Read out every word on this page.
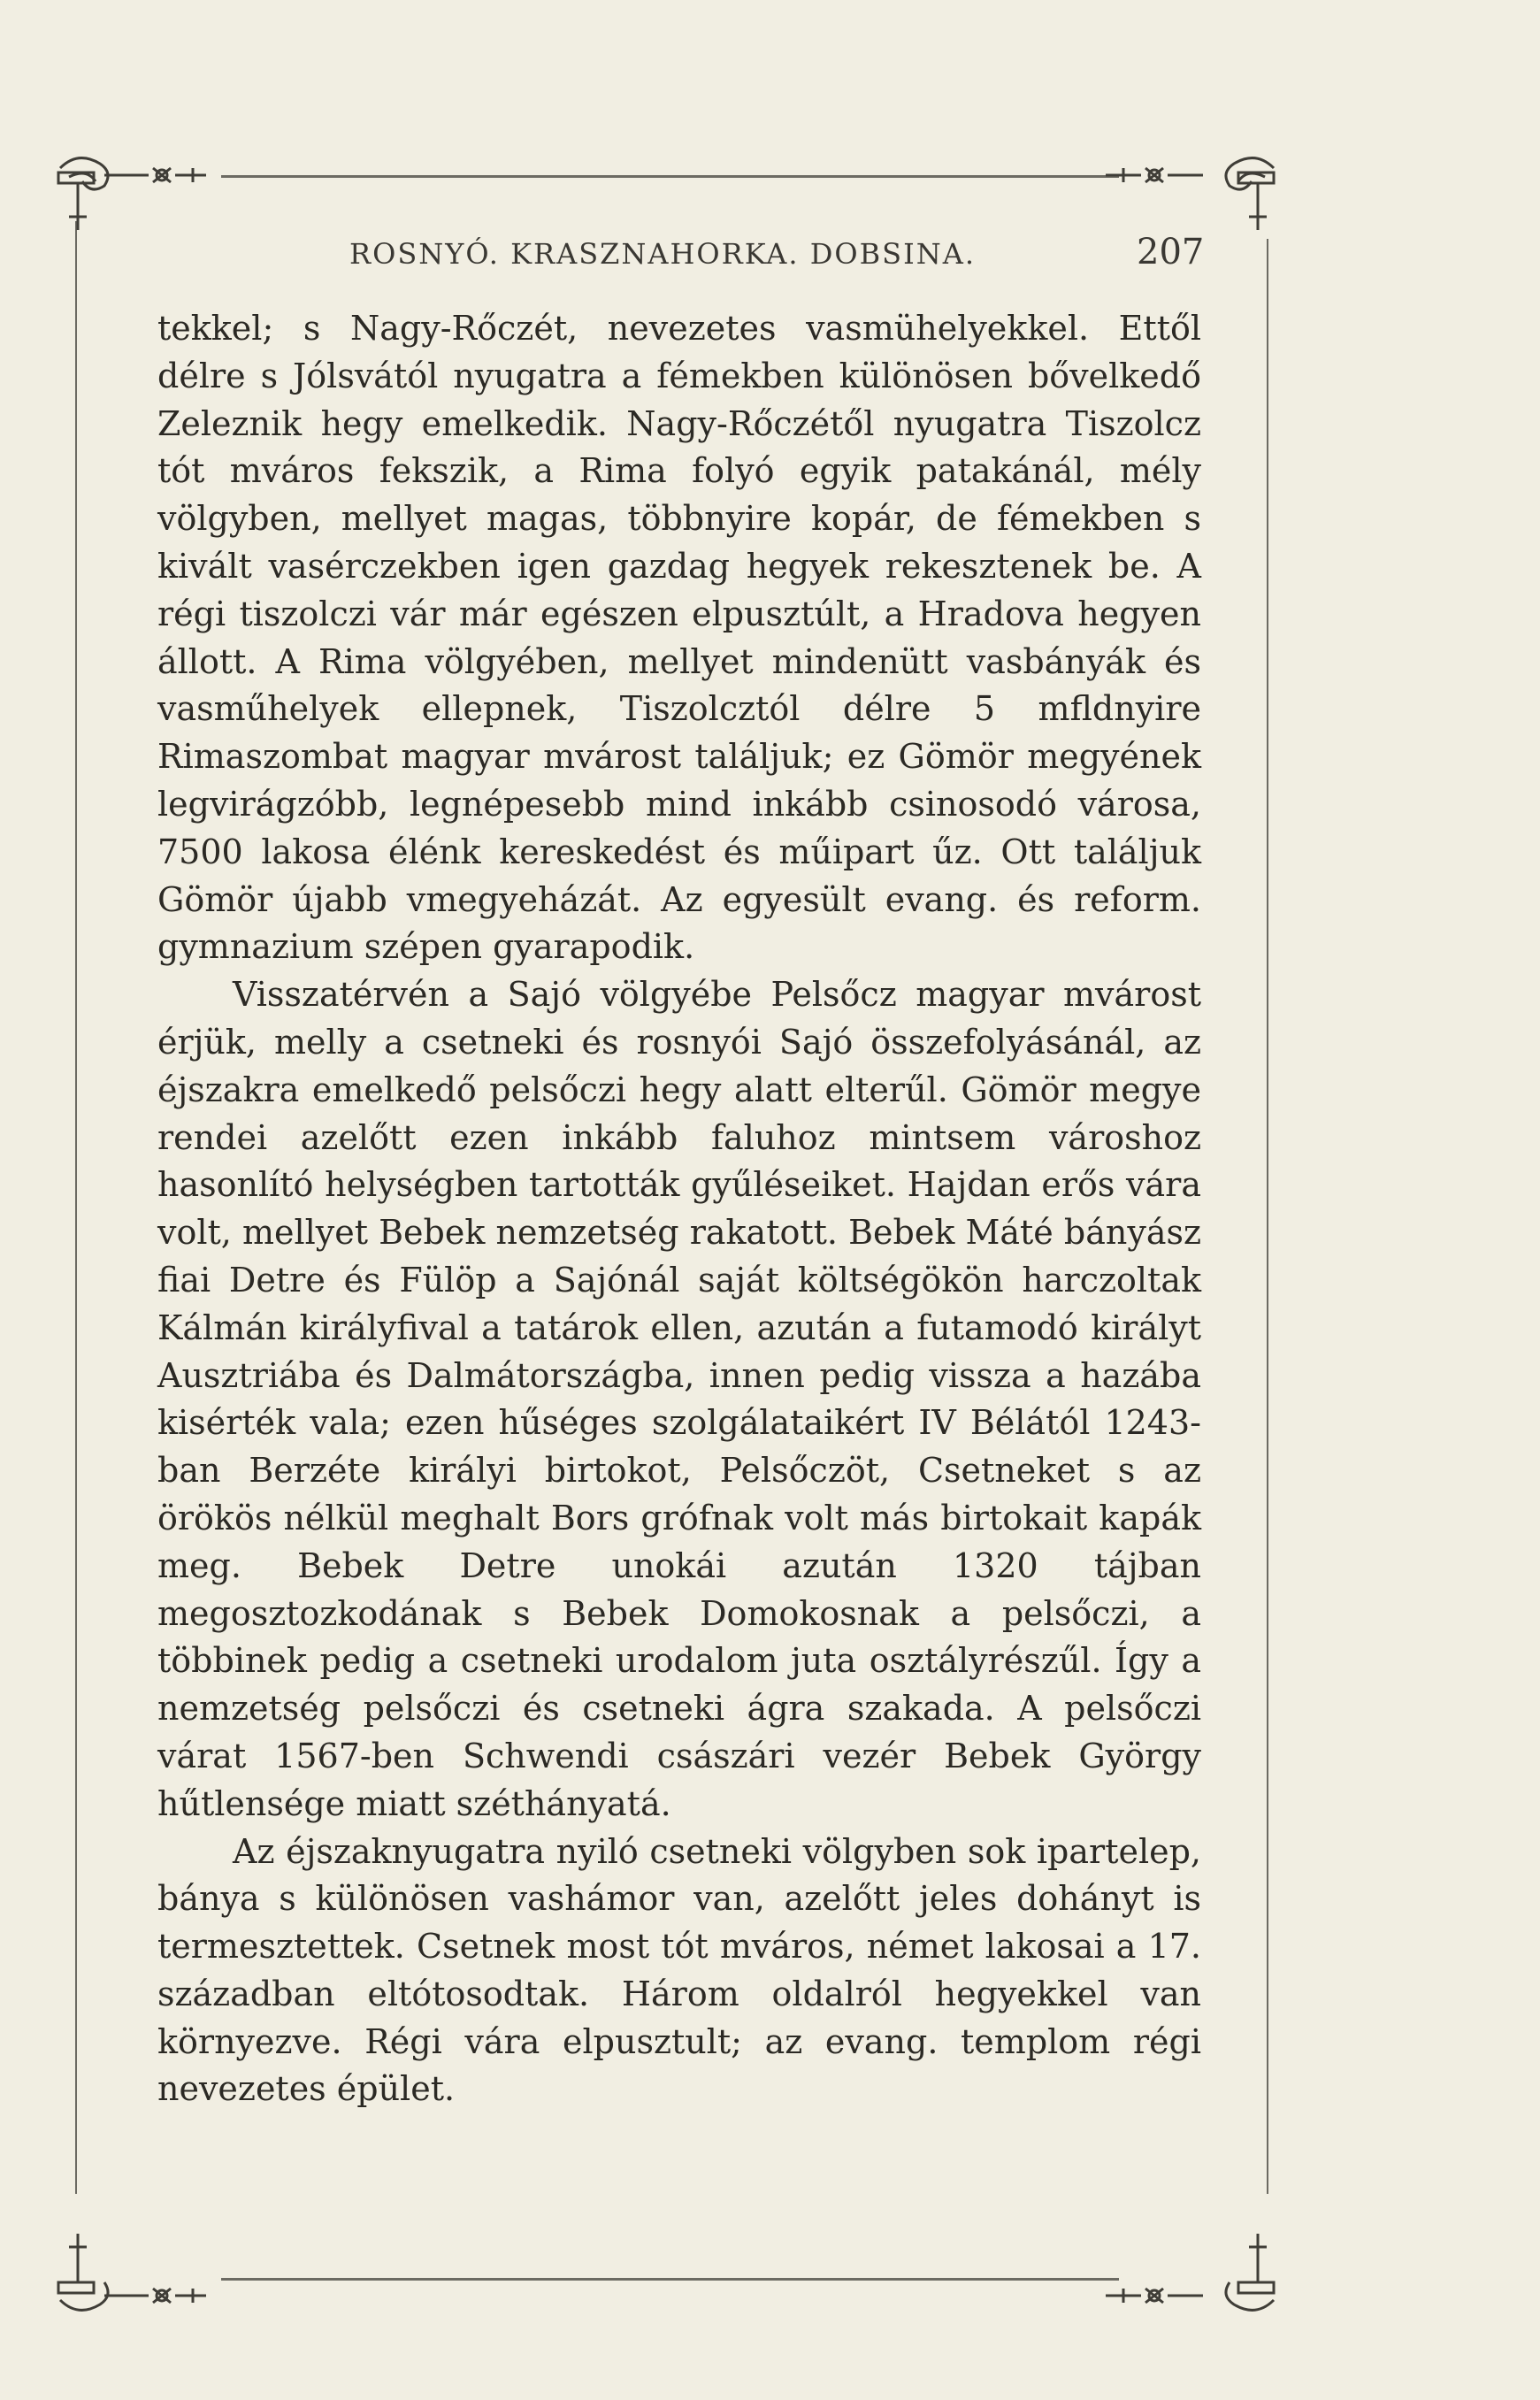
ROSNYÓ. KRASZNAHORKA. DOBSINA.	207

tekkel; s Nagy-Rőczét, nevezetes vasmühelyekkel. Ettől délre s Jólsvától nyugatra a fémekben különösen bővelkedő Zeleznik hegy emelkedik. Nagy-Rőczétől nyugatra Tiszolcz tót mváros fekszik, a Rima folyó egyik patakánál, mély völgyben, mellyet magas, többnyire kopár, de fémekben s kivált vasérczekben igen gazdag hegyek rekesztenek be. A régi tiszolczi vár már egészen elpusztúlt, a Hradova hegyen állott. A Rima völgyében, mellyet mindenütt vasbányák és vasműhelyek ellepnek, Tiszolcztól délre 5 mfldnyire Rimaszombat magyar mvárost találjuk; ez Gömör megyének legvirágzóbb, legnépesebb mind inkább csinosodó városa, 7500 lakosa élénk kereskedést és műipart űz. Ott találjuk Gömör újabb vmegyeházát. Az egyesült evang. és reform. gymnazium szépen gyarapodik.

Visszatérvén a Sajó völgyébe Pelsőcz magyar mvárost érjük, melly a csetneki és rosnyói Sajó összefolyásánál, az éjszakra emelkedő pelsőczi hegy alatt elterűl. Gömör megye rendei azelőtt ezen inkább faluhoz mintsem városhoz hasonlító helységben tartották gyűléseiket. Hajdan erős vára volt, mellyet Bebek nemzetség rakatott. Bebek Máté bányász fiai Detre és Fülöp a Sajónál saját költségökön harczoltak Kálmán királyfival a tatárok ellen, azután a futamodó királyt Ausztriába és Dalmátországba, innen pedig vissza a hazába kisérték vala; ezen hűséges szolgálataikért IV Bélától 1243-ban Berzéte királyi birtokot, Pelsőczöt, Csetneket s az örökös nélkül meghalt Bors grófnak volt más birtokait kapák meg. Bebek Detre unokái azután 1320 tájban megosztozkodának s Bebek Domokosnak a pelsőczi, a többinek pedig a csetneki urodalom juta osztályrészűl. Így a nemzetség pelsőczi és csetneki ágra szakada. A pelsőczi várat 1567-ben Schwendi császári vezér Bebek György hűtlensége miatt széthányatá.

Az éjszaknyugatra nyiló csetneki völgyben sok ipartelep, bánya s különösen vashámor van, azelőtt jeles dohányt is termesztettek. Csetnek most tót mváros, német lakosai a 17. században eltótosodtak. Három oldalról hegyekkel van környezve. Régi vára elpusztult; az evang. templom régi nevezetes épület.
